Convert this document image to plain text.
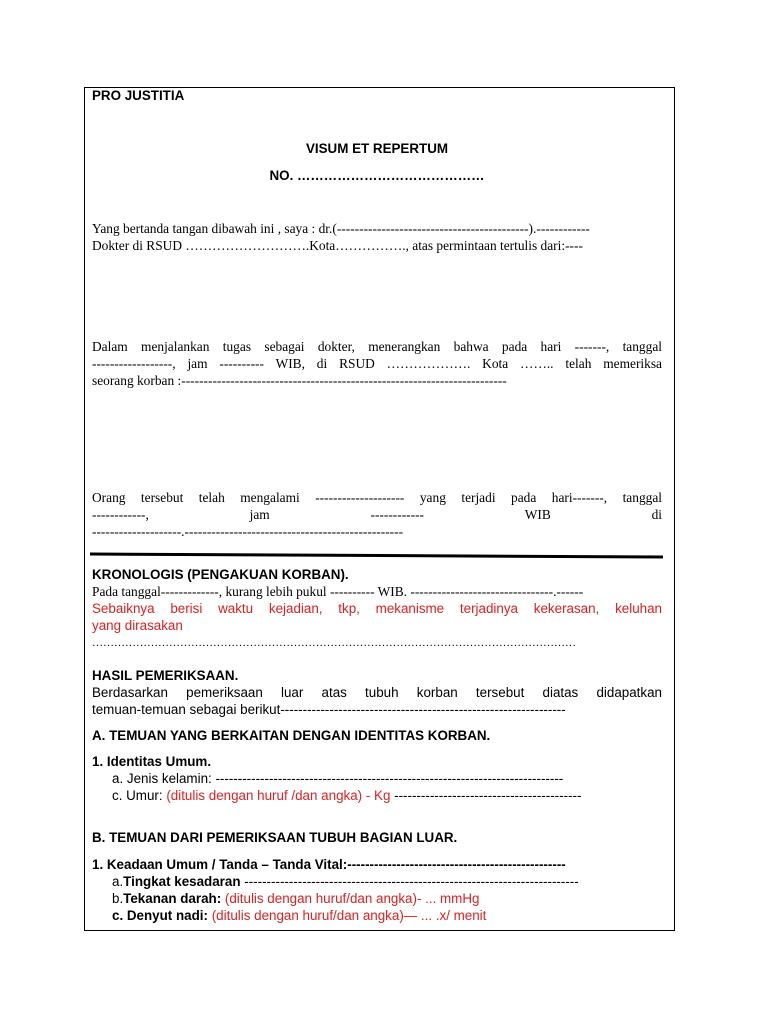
PRO JUSTITIA
VISUM ET REPERTUM
NO. ……………………………………
Yang bertanda tangan dibawah ini , saya : dr.(-------------------------------------------).------------
Dokter di RSUD ……………………….Kota……………., atas permintaan tertulis dari:----
Dalam menjalankan tugas sebagai dokter, menerangkan bahwa pada hari -------, tanggal
------------------, jam ---------- WIB, di RSUD ………………. Kota …….. telah memeriksa
seorang korban :-------------------------------------------------------------------------
Orang tersebut telah mengalami -------------------- yang terjadi pada hari-------, tanggal
------------,	jam	------------	WIB	di
--------------------.-------------------------------------------------
KRONOLOGIS (PENGAKUAN KORBAN).
Pada tanggal-------------, kurang lebih pukul ---------- WIB. --------------------------------.------
Sebaiknya berisi waktu kejadian, tkp, mekanisme terjadinya kekerasan, keluhan
yang dirasakan
……………………………………………………………………………………………………………………
HASIL PEMERIKSAAN.
Berdasarkan pemeriksaan luar atas tubuh korban tersebut diatas didapatkan
temuan-temuan sebagai berikut----------------------------------------------------------------
A. TEMUAN YANG BERKAITAN DENGAN IDENTITAS KORBAN.
1. Identitas Umum.
a. Jenis kelamin: ------------------------------------------------------------------------------
c. Umur: (ditulis dengan huruf /dan angka) - Kg ------------------------------------------
B. TEMUAN DARI PEMERIKSAAN TUBUH BAGIAN LUAR.
1. Keadaan Umum / Tanda – Tanda Vital:-------------------------------------------------
a.Tingkat kesadaran ---------------------------------------------------------------------------
b.Tekanan darah: (ditulis dengan huruf/dan angka)- ... mmHg
c. Denyut nadi: (ditulis dengan huruf/dan angka)— ... .x/ menit
